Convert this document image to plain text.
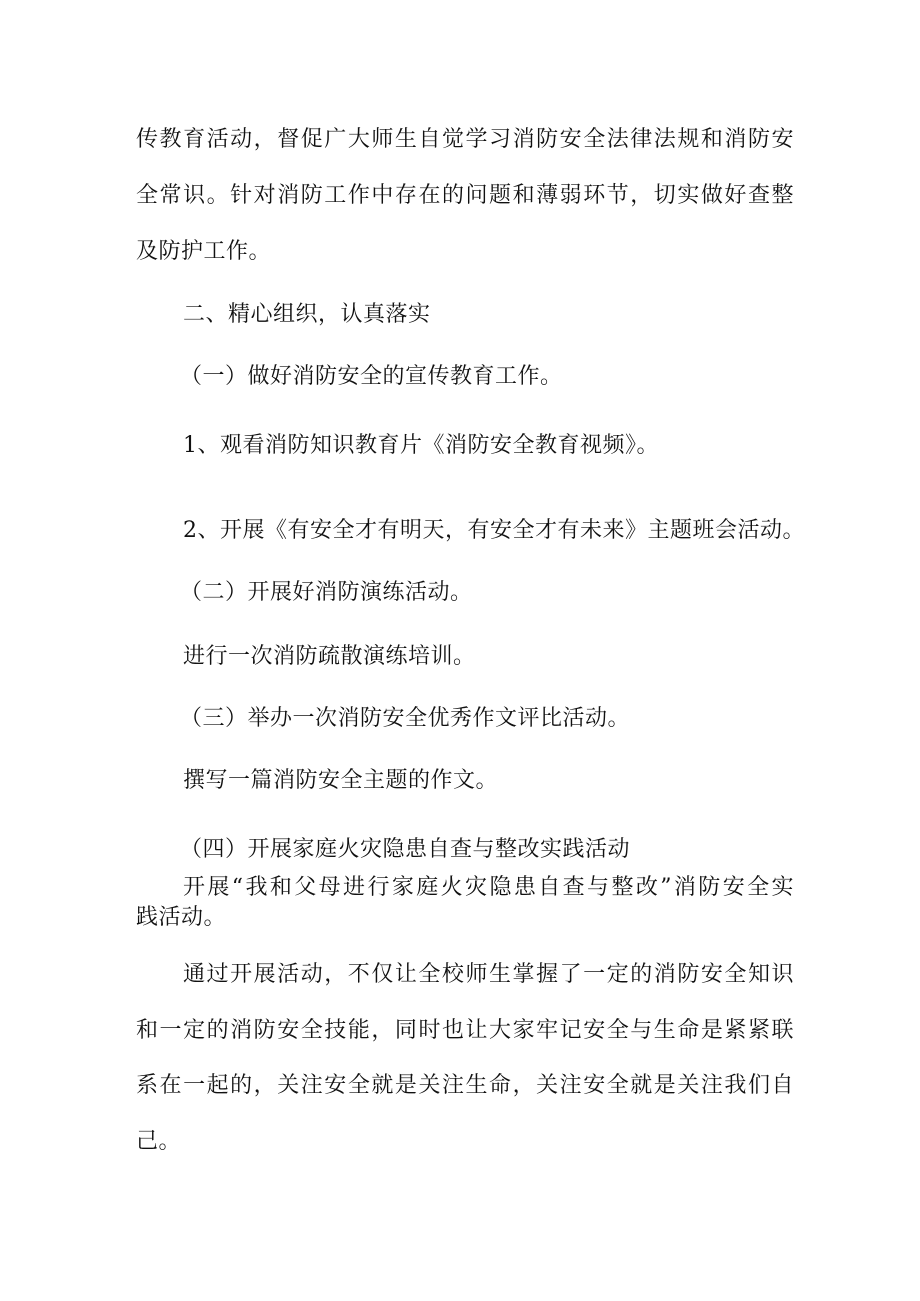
传教育活动，督促广大师生自觉学习消防安全法律法规和消防安

全常识。针对消防工作中存在的问题和薄弱环节，切实做好查整

及防护工作。

二、精心组织，认真落实

（一）做好消防安全的宣传教育工作。

1、观看消防知识教育片《消防安全教育视频》。

2、开展《有安全才有明天，有安全才有未来》主题班会活动。

（二）开展好消防演练活动。

进行一次消防疏散演练培训。

（三）举办一次消防安全优秀作文评比活动。

撰写一篇消防安全主题的作文。

（四）开展家庭火灾隐患自查与整改实践活动

开展“我和父母进行家庭火灾隐患自查与整改”消防安全实

践活动。

通过开展活动，不仅让全校师生掌握了一定的消防安全知识

和一定的消防安全技能，同时也让大家牢记安全与生命是紧紧联

系在一起的，关注安全就是关注生命，关注安全就是关注我们自

己。
